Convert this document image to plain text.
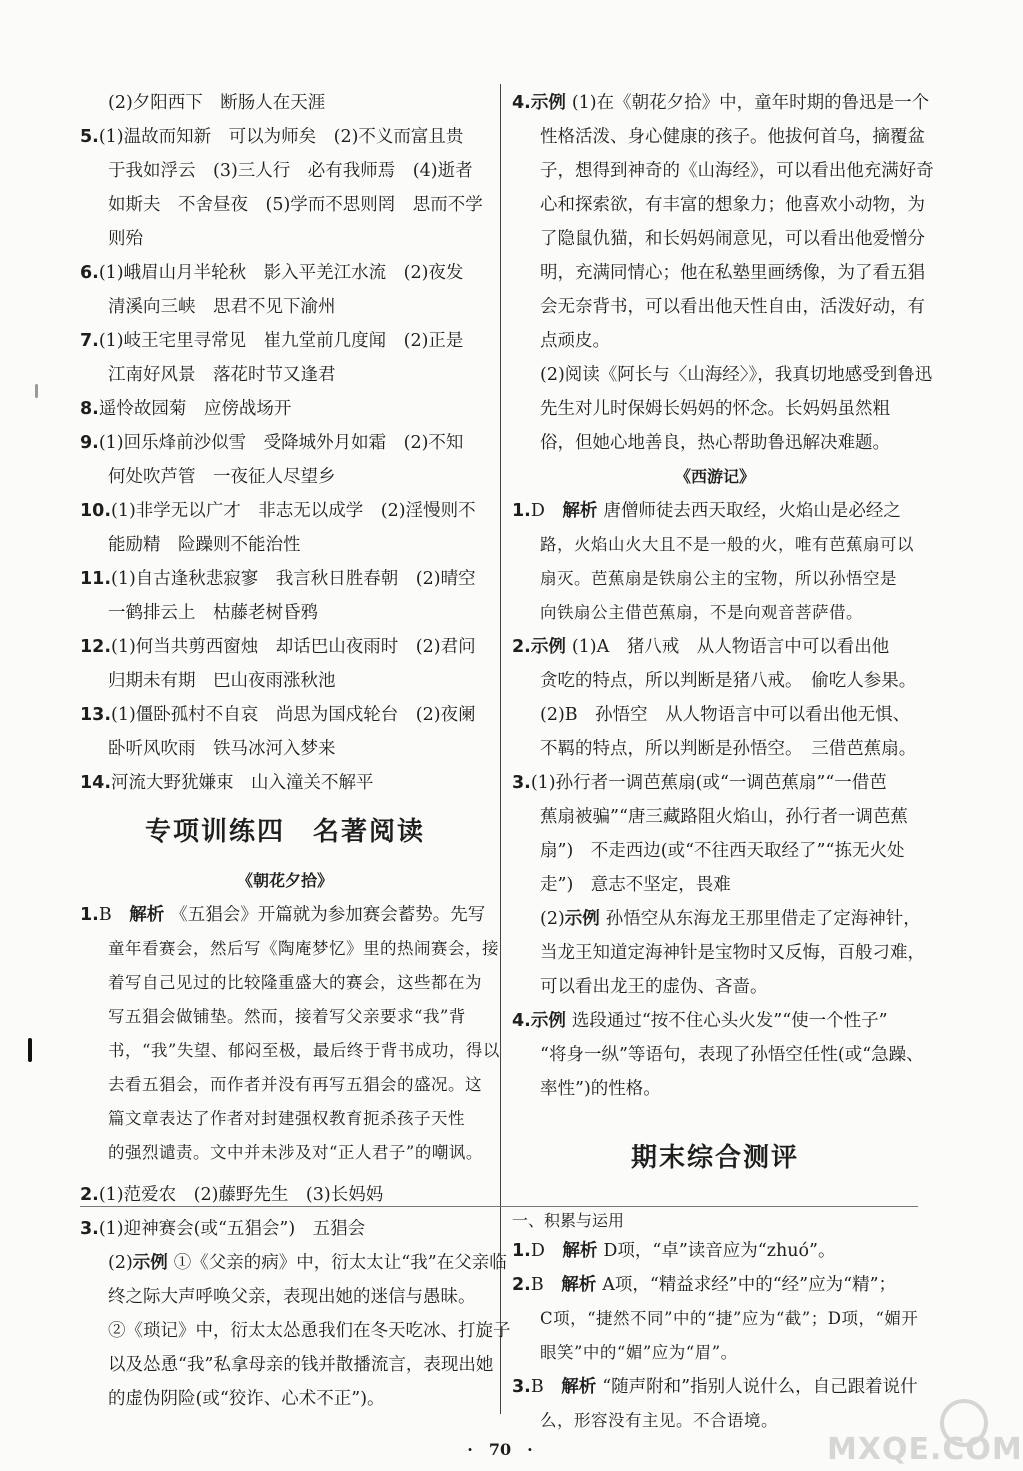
(2)夕阳西下　断肠人在天涯
5.(1)温故而知新　可以为师矣　(2)不义而富且贵
于我如浮云　(3)三人行　必有我师焉　(4)逝者
如斯夫　不舍昼夜　(5)学而不思则罔　思而不学
则殆
6.(1)峨眉山月半轮秋　影入平羌江水流　(2)夜发
清溪向三峡　思君不见下渝州
7.(1)岐王宅里寻常见　崔九堂前几度闻　(2)正是
江南好风景　落花时节又逢君
8.遥怜故园菊　应傍战场开
9.(1)回乐烽前沙似雪　受降城外月如霜　(2)不知
何处吹芦管　一夜征人尽望乡
10.(1)非学无以广才　非志无以成学　(2)淫慢则不
能励精　险躁则不能治性
11.(1)自古逢秋悲寂寥　我言秋日胜春朝　(2)晴空
一鹤排云上　枯藤老树昏鸦
12.(1)何当共剪西窗烛　却话巴山夜雨时　(2)君问
归期未有期　巴山夜雨涨秋池
13.(1)僵卧孤村不自哀　尚思为国戍轮台　(2)夜阑
卧听风吹雨　铁马冰河入梦来
14.河流大野犹嫌束　山入潼关不解平
专项训练四　名著阅读
《朝花夕拾》
1.B　解析 《五猖会》开篇就为参加赛会蓄势。先写
童年看赛会，然后写《陶庵梦忆》里的热闹赛会，接
着写自己见过的比较隆重盛大的赛会，这些都在为
写五猖会做铺垫。然而，接着写父亲要求“我”背
书，“我”失望、郁闷至极，最后终于背书成功，得以
去看五猖会，而作者并没有再写五猖会的盛况。这
篇文章表达了作者对封建强权教育扼杀孩子天性
的强烈谴责。文中并未涉及对“正人君子”的嘲讽。
2.(1)范爱农　(2)藤野先生　(3)长妈妈
3.(1)迎神赛会(或“五猖会”)　五猖会
(2)示例 ①《父亲的病》中，衍太太让“我”在父亲临
终之际大声呼唤父亲，表现出她的迷信与愚昧。
②《琐记》中，衍太太怂恿我们在冬天吃冰、打旋子
以及怂恿“我”私拿母亲的钱并散播流言，表现出她
的虚伪阴险(或“狡诈、心术不正”)。
4.示例 (1)在《朝花夕拾》中，童年时期的鲁迅是一个
性格活泼、身心健康的孩子。他拔何首乌，摘覆盆
子，想得到神奇的《山海经》，可以看出他充满好奇
心和探索欲，有丰富的想象力；他喜欢小动物，为
了隐鼠仇猫，和长妈妈闹意见，可以看出他爱憎分
明，充满同情心；他在私塾里画绣像，为了看五猖
会无奈背书，可以看出他天性自由，活泼好动，有
点顽皮。
(2)阅读《阿长与〈山海经〉》，我真切地感受到鲁迅
先生对儿时保姆长妈妈的怀念。长妈妈虽然粗
俗，但她心地善良，热心帮助鲁迅解决难题。
《西游记》
1.D　解析 唐僧师徒去西天取经，火焰山是必经之
路，火焰山火大且不是一般的火，唯有芭蕉扇可以
扇灭。芭蕉扇是铁扇公主的宝物，所以孙悟空是
向铁扇公主借芭蕉扇，不是向观音菩萨借。
2.示例 (1)A　猪八戒　从人物语言中可以看出他
贪吃的特点，所以判断是猪八戒。　偷吃人参果。
(2)B　孙悟空　从人物语言中可以看出他无惧、
不羁的特点，所以判断是孙悟空。　三借芭蕉扇。
3.(1)孙行者一调芭蕉扇(或“一调芭蕉扇”“一借芭
蕉扇被骗”“唐三藏路阻火焰山，孙行者一调芭蕉
扇”)　不走西边(或“不往西天取经了”“拣无火处
走”)　意志不坚定，畏难
(2)示例 孙悟空从东海龙王那里借走了定海神针，
当龙王知道定海神针是宝物时又反悔，百般刁难，
可以看出龙王的虚伪、吝啬。
4.示例 选段通过“按不住心头火发”“使一个性子”
“将身一纵”等语句，表现了孙悟空任性(或“急躁、
率性”)的性格。
期末综合测评
一、积累与运用
1.D　解析 D项，“卓”读音应为“zhuó”。
2.B　解析 A项，“精益求经”中的“经”应为“精”；
C项，“捷然不同”中的“捷”应为“截”；D项，“媚开
眼笑”中的“媚”应为“眉”。
3.B　解析 “随声附和”指别人说什么，自己跟着说什
么，形容没有主见。不合语境。
·　70　·	MXQE.COM
